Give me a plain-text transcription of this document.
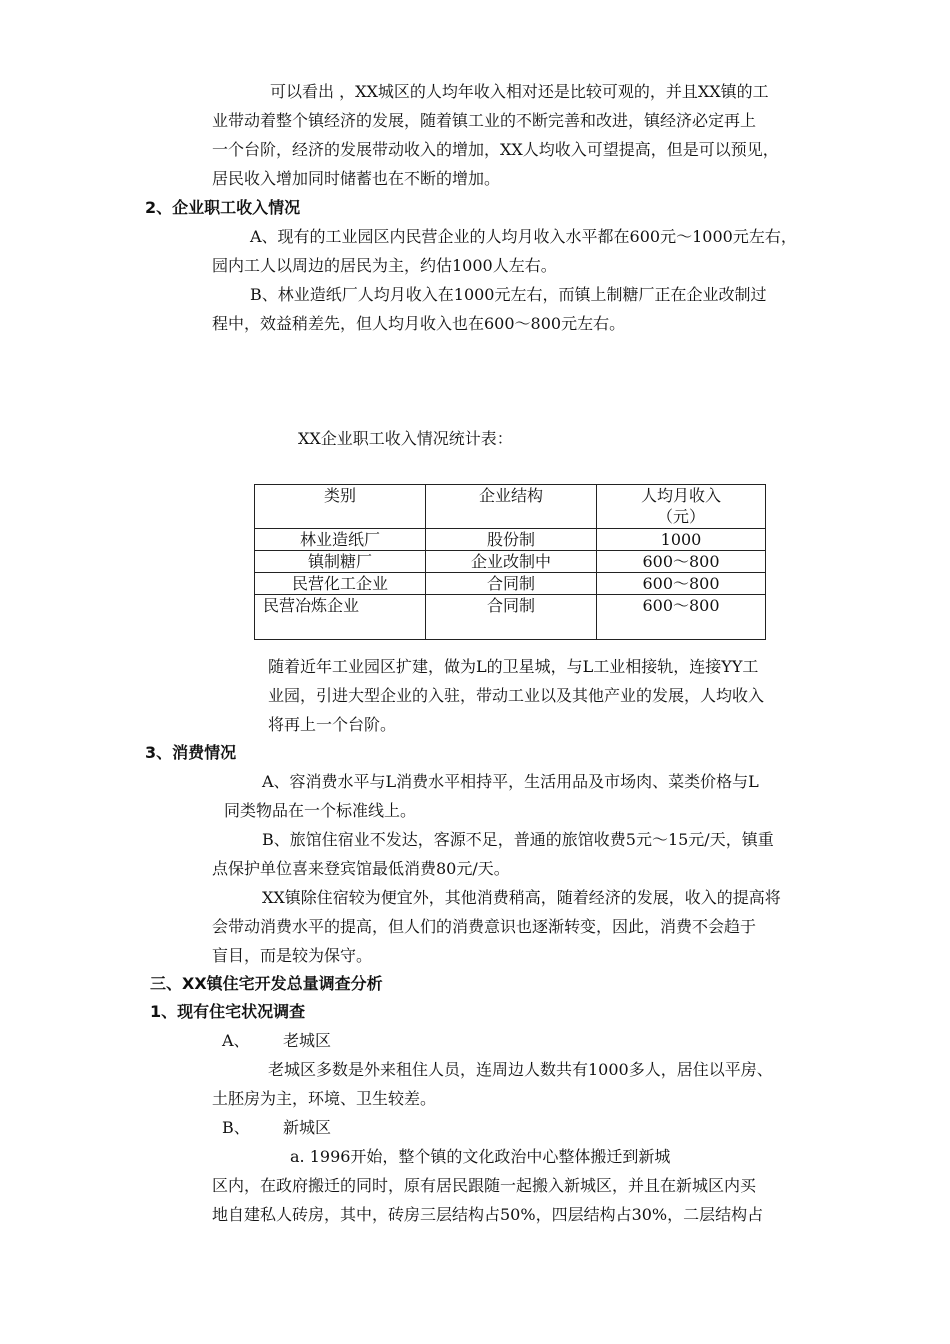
可以看出 ，XX城区的人均年收入相对还是比较可观的，并且XX镇的工
业带动着整个镇经济的发展，随着镇工业的不断完善和改进，镇经济必定再上
一个台阶，经济的发展带动收入的增加，XX人均收入可望提高，但是可以预见，
居民收入增加同时储蓄也在不断的增加。
2、企业职工收入情况
A、现有的工业园区内民营企业的人均月收入水平都在600元～1000元左右，
园内工人以周边的居民为主，约估1000人左右。
B、林业造纸厂人均月收入在1000元左右，而镇上制糖厂正在企业改制过
程中，效益稍差先，但人均月收入也在600～800元左右。
XX企业职工收入情况统计表：
类别	企业结构	人均月收入
（元）

林业造纸厂	股份制	1000
镇制糖厂	企业改制中	600～800
民营化工企业	合同制	600～800
民营冶炼企业	合同制	600～800
随着近年工业园区扩建，做为L的卫星城，与L工业相接轨，连接YY工
业园，引进大型企业的入驻，带动工业以及其他产业的发展，人均收入
将再上一个台阶。
3、消费情况
A、容消费水平与L消费水平相持平，生活用品及市场肉、菜类价格与L
同类物品在一个标准线上。
B、旅馆住宿业不发达，客源不足，普通的旅馆收费5元～15元/天，镇重
点保护单位喜来登宾馆最低消费80元/天。
XX镇除住宿较为便宜外，其他消费稍高，随着经济的发展，收入的提高将
会带动消费水平的提高，但人们的消费意识也逐渐转变，因此，消费不会趋于
盲目，而是较为保守。
三、XX镇住宅开发总量调查分析
1、现有住宅状况调查
A、 老城区
老城区多数是外来租住人员，连周边人数共有1000多人，居住以平房、
土胚房为主，环境、卫生较差。
B、 新城区
a. 1996开始，整个镇的文化政治中心整体搬迁到新城
区内，在政府搬迁的同时，原有居民跟随一起搬入新城区，并且在新城区内买
地自建私人砖房，其中，砖房三层结构占50%，四层结构占30%，二层结构占
